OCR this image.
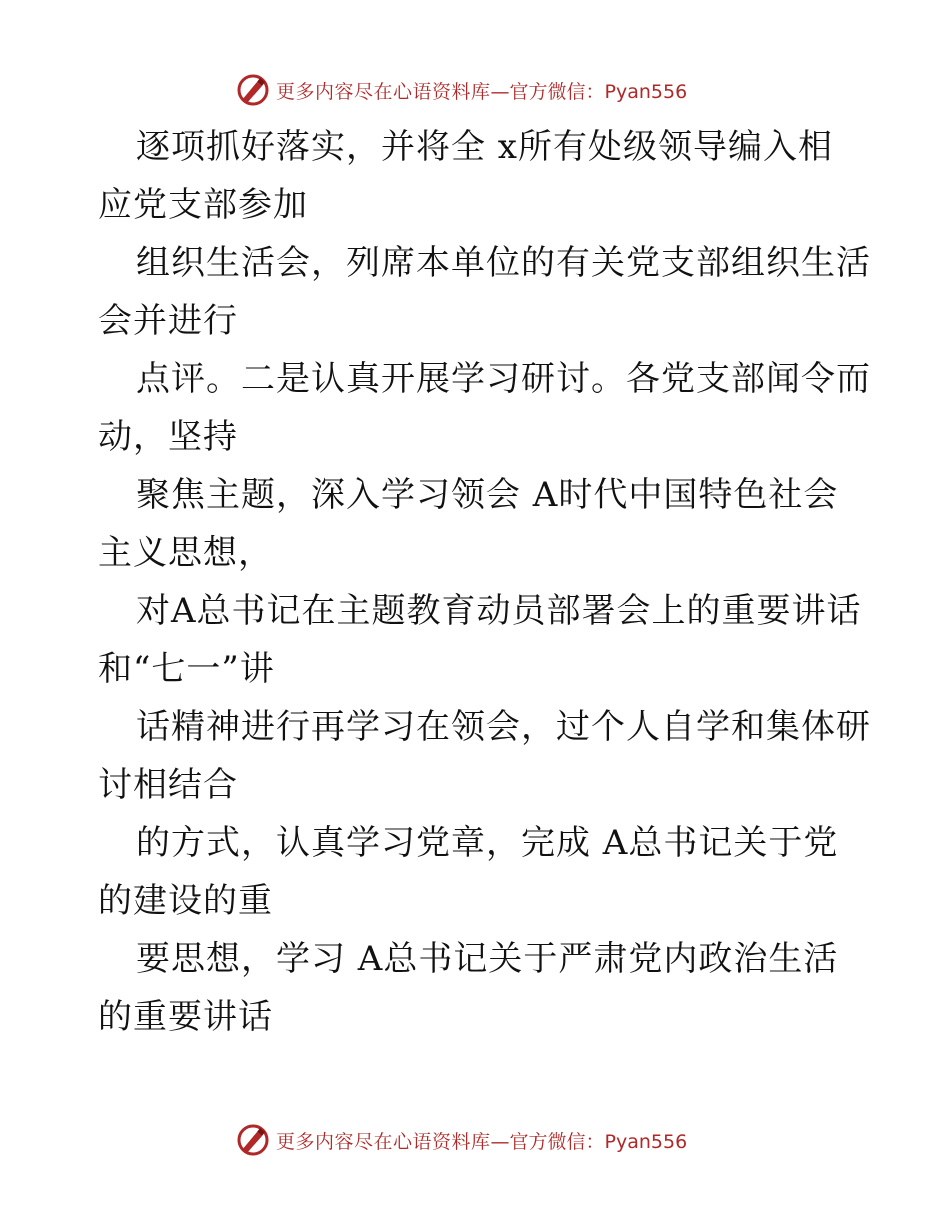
更多内容尽在心语资料库 —官方微信：Pyan556
逐项抓好落实，并将全 x所有处级领导编入相
应党支部参加
组织生活会，列席本单位的有关党支部组织生活
会并进行
点评。二是认真开展学习研讨。各党支部闻令而
动，坚持
聚焦主题，深入学习领会 A时代中国特色社会
主义思想，
对A总书记在主题教育动员部署会上的重要讲话
和“七一”讲
话精神进行再学习在领会，过个人自学和集体研
讨相结合
的方式，认真学习党章，完成 A总书记关于党
的建设的重
要思想，学习 A总书记关于严肃党内政治生活
的重要讲话
更多内容尽在心语资料库 —官方微信：Pyan556
